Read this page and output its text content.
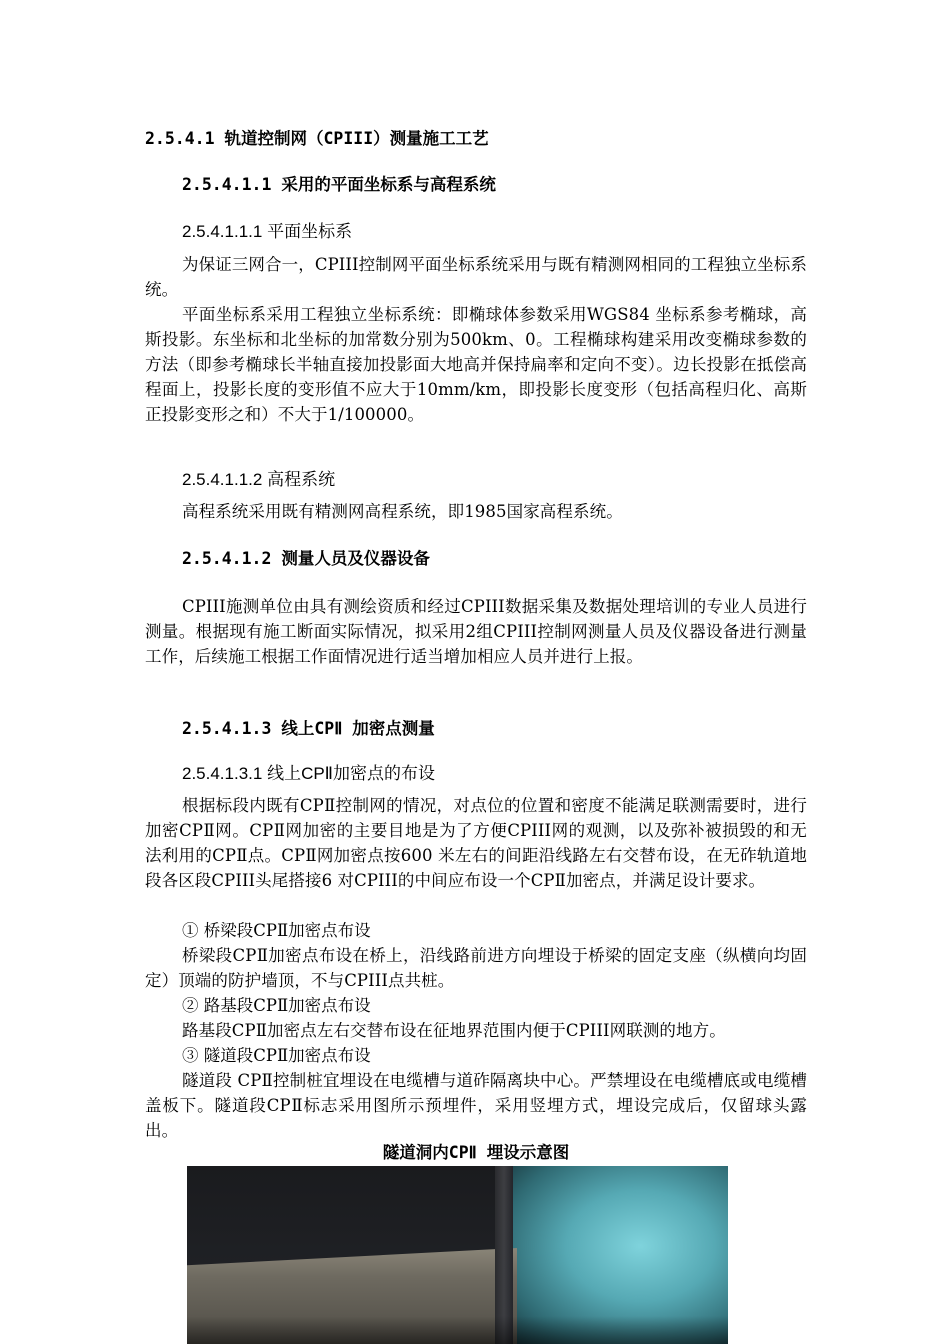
2.5.4.1 轨道控制网（CPIII）测量施工工艺
2.5.4.1.1 采用的平面坐标系与高程系统
2.5.4.1.1.1 平面坐标系
为保证三网合一，CPIII控制网平面坐标系统采用与既有精测网相同的工程独立坐标系统。
平面坐标系采用工程独立坐标系统：即椭球体参数采用WGS84 坐标系参考椭球，高斯投影。东坐标和北坐标的加常数分别为500km、0。工程椭球构建采用改变椭球参数的方法（即参考椭球长半轴直接加投影面大地高并保持扁率和定向不变）。边长投影在抵偿高程面上，投影长度的变形值不应大于10mm/km，即投影长度变形（包括高程归化、高斯正投影变形之和）不大于1/100000。
2.5.4.1.1.2 高程系统
高程系统采用既有精测网高程系统，即1985国家高程系统。
2.5.4.1.2 测量人员及仪器设备
CPIII施测单位由具有测绘资质和经过CPIII数据采集及数据处理培训的专业人员进行测量。根据现有施工断面实际情况，拟采用2组CPIII控制网测量人员及仪器设备进行测量工作，后续施工根据工作面情况进行适当增加相应人员并进行上报。
2.5.4.1.3 线上CPⅡ 加密点测量
2.5.4.1.3.1 线上CPⅡ加密点的布设
根据标段内既有CPⅡ控制网的情况，对点位的位置和密度不能满足联测需要时，进行加密CPⅡ网。CPⅡ网加密的主要目地是为了方便CPIII网的观测，以及弥补被损毁的和无法利用的CPⅡ点。CPⅡ网加密点按600 米左右的间距沿线路左右交替布设，在无砟轨道地段各区段CPIII头尾搭接6 对CPIII的中间应布设一个CPⅡ加密点，并满足设计要求。
① 桥梁段CPⅡ加密点布设
桥梁段CPⅡ加密点布设在桥上，沿线路前进方向埋设于桥梁的固定支座（纵横向均固定）顶端的防护墙顶，不与CPIII点共桩。
② 路基段CPⅡ加密点布设
路基段CPⅡ加密点左右交替布设在征地界范围内便于CPIII网联测的地方。
③ 隧道段CPⅡ加密点布设
隧道段 CPⅡ控制桩宜埋设在电缆槽与道砟隔离块中心。严禁埋设在电缆槽底或电缆槽盖板下。隧道段CPⅡ标志采用图所示预埋件，采用竖埋方式，埋设完成后，仅留球头露出。
隧道洞内CPⅡ 埋设示意图
